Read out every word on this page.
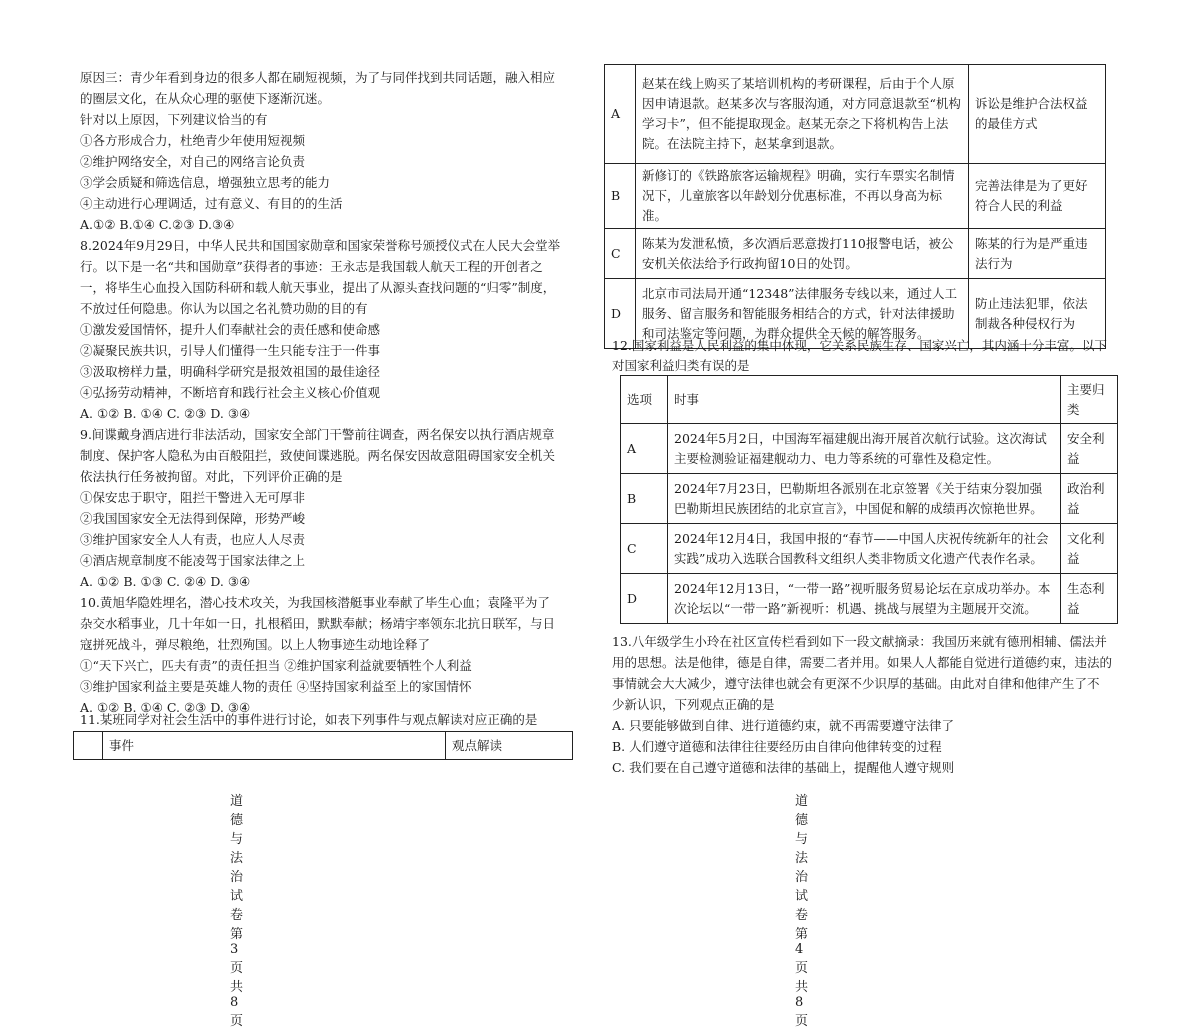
原因三：青少年看到身边的很多人都在刷短视频，为了与同伴找到共同话题，融入相应
的圈层文化，在从众心理的驱使下逐渐沉迷。
针对以上原因，下列建议恰当的有
①各方形成合力，杜绝青少年使用短视频
②维护网络安全，对自己的网络言论负责
③学会质疑和筛选信息，增强独立思考的能力
④主动进行心理调适，过有意义、有目的的生活
A.①② B.①④ C.②③ D.③④
8.2024年9月29日，中华人民共和国国家勋章和国家荣誉称号颁授仪式在人民大会堂举
行。以下是一名“共和国勋章”获得者的事迹：王永志是我国载人航天工程的开创者之
一，将毕生心血投入国防科研和载人航天事业，提出了从源头查找问题的“归零”制度，
不放过任何隐患。你认为以国之名礼赞功勋的目的有
①激发爱国情怀，提升人们奉献社会的责任感和使命感
②凝聚民族共识，引导人们懂得一生只能专注于一件事
③汲取榜样力量，明确科学研究是报效祖国的最佳途径
④弘扬劳动精神，不断培育和践行社会主义核心价值观
A. ①② B. ①④ C. ②③ D. ③④
9.间谍戴身酒店进行非法活动，国家安全部门干警前往调查，两名保安以执行酒店规章
制度、保护客人隐私为由百般阻拦，致使间谍逃脱。两名保安因故意阻碍国家安全机关
依法执行任务被拘留。对此，下列评价正确的是
①保安忠于职守，阻拦干警进入无可厚非
②我国国家安全无法得到保障，形势严峻
③维护国家安全人人有责，也应人人尽责
④酒店规章制度不能凌驾于国家法律之上
A. ①② B. ①③ C. ②④ D. ③④
10.黄旭华隐姓埋名，潜心技术攻关，为我国核潜艇事业奉献了毕生心血；袁隆平为了
杂交水稻事业，几十年如一日，扎根稻田，默默奉献；杨靖宇率领东北抗日联军，与日
寇拼死战斗，弹尽粮绝，壮烈殉国。以上人物事迹生动地诠释了
①“天下兴亡，匹夫有责”的责任担当 ②维护国家利益就要牺牲个人利益
③维护国家利益主要是英雄人物的责任 ④坚持国家利益至上的家国情怀
A. ①② B. ①④ C. ②③ D. ③④
11.某班同学对社会生活中的事件进行讨论，如表下列事件与观点解读对应正确的是
	事件	观点解读
道德与法治试卷 第3页 共8页
A	赵某在线上购买了某培训机构的考研课程，后由于个人原因申请退款。赵某多次与客服沟通，对方同意退款至“机构学习卡”，但不能提取现金。赵某无奈之下将机构告上法院。在法院主持下，赵某拿到退款。	诉讼是维护合法权益的最佳方式
B	新修订的《铁路旅客运输规程》明确，实行车票实名制情况下，儿童旅客以年龄划分优惠标准，不再以身高为标准。	完善法律是为了更好符合人民的利益
C	陈某为发泄私愤，多次酒后恶意拨打110报警电话，被公安机关依法给予行政拘留10日的处罚。	陈某的行为是严重违法行为
D	北京市司法局开通“12348”法律服务专线以来，通过人工服务、留言服务和智能服务相结合的方式，针对法律援助和司法鉴定等问题，为群众提供全天候的解答服务。	防止违法犯罪，依法制裁各种侵权行为
12.国家利益是人民利益的集中体现，它关系民族生存、国家兴亡，其内涵十分丰富。以下
对国家利益归类有误的是
选项	时事	主要归类
A	2024年5月2日，中国海军福建舰出海开展首次航行试验。这次海试主要检测验证福建舰动力、电力等系统的可靠性及稳定性。	安全利益
B	2024年7月23日，巴勒斯坦各派别在北京签署《关于结束分裂加强巴勒斯坦民族团结的北京宣言》，中国促和解的成绩再次惊艳世界。	政治利益
C	2024年12月4日，我国申报的“春节——中国人庆祝传统新年的社会实践”成功入选联合国教科文组织人类非物质文化遗产代表作名录。	文化利益
D	2024年12月13日，“一带一路”视听服务贸易论坛在京成功举办。本次论坛以“一带一路”新视听：机遇、挑战与展望为主题展开交流。	生态利益
13.八年级学生小玲在社区宣传栏看到如下一段文献摘录：我国历来就有德刑相辅、儒法并
用的思想。法是他律，德是自律，需要二者并用。如果人人都能自觉进行道德约束，违法的
事情就会大大减少，遵守法律也就会有更深不少识厚的基础。由此对自律和他律产生了不
少新认识，下列观点正确的是
A. 只要能够做到自律、进行道德约束，就不再需要遵守法律了
B. 人们遵守道德和法律往往要经历由自律向他律转变的过程
C. 我们要在自己遵守道德和法律的基础上，提醒他人遵守规则
道德与法治试卷 第4页 共8页
